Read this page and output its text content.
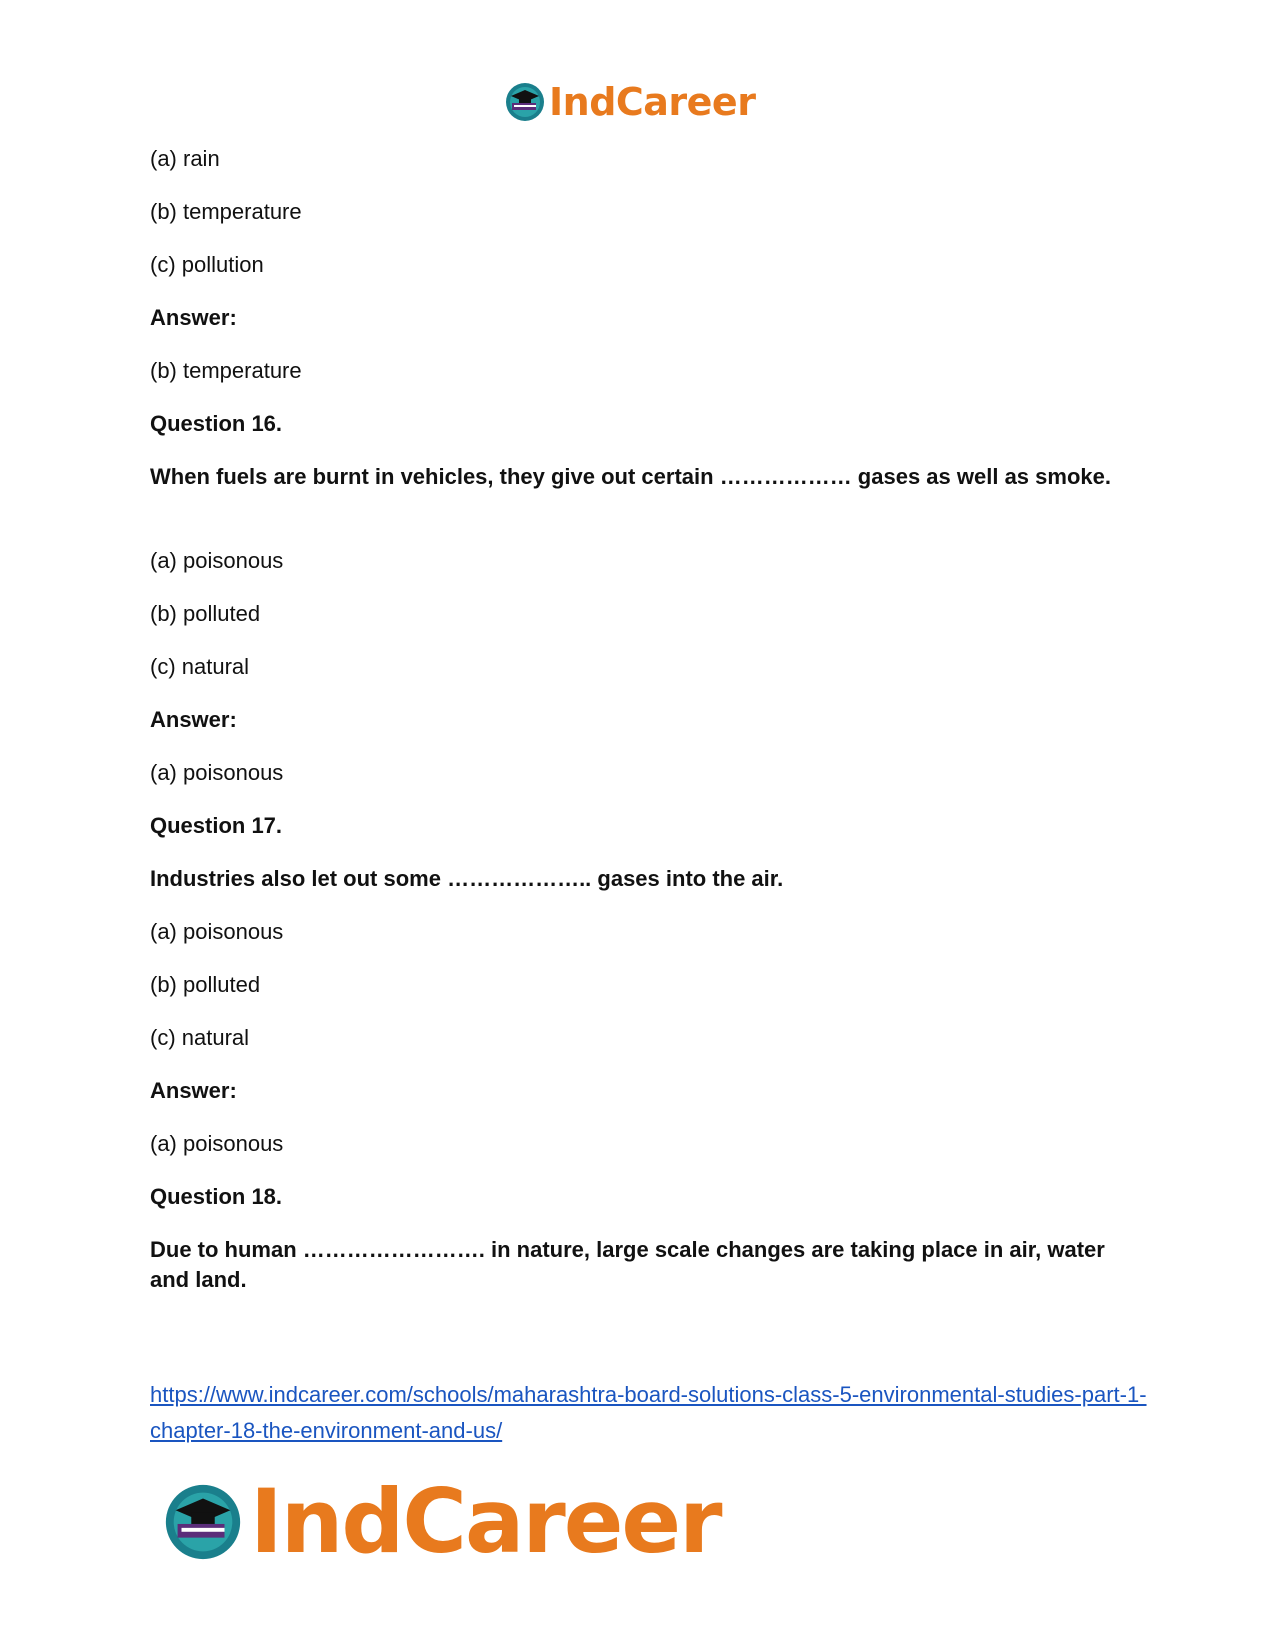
IndCareer

(a) rain

(b) temperature

(c) pollution

Answer:

(b) temperature

Question 16.

When fuels are burnt in vehicles, they give out certain ……………… gases as well as smoke.

(a) poisonous

(b) polluted

(c) natural

Answer:

(a) poisonous

Question 17.

Industries also let out some ……………….. gases into the air.

(a) poisonous

(b) polluted

(c) natural

Answer:

(a) poisonous

Question 18.

Due to human ……………………. in nature, large scale changes are taking place in air, water and land.

https://www.indcareer.com/schools/maharashtra-board-solutions-class-5-environmental-studies-part-1-chapter-18-the-environment-and-us/
IndCareer
